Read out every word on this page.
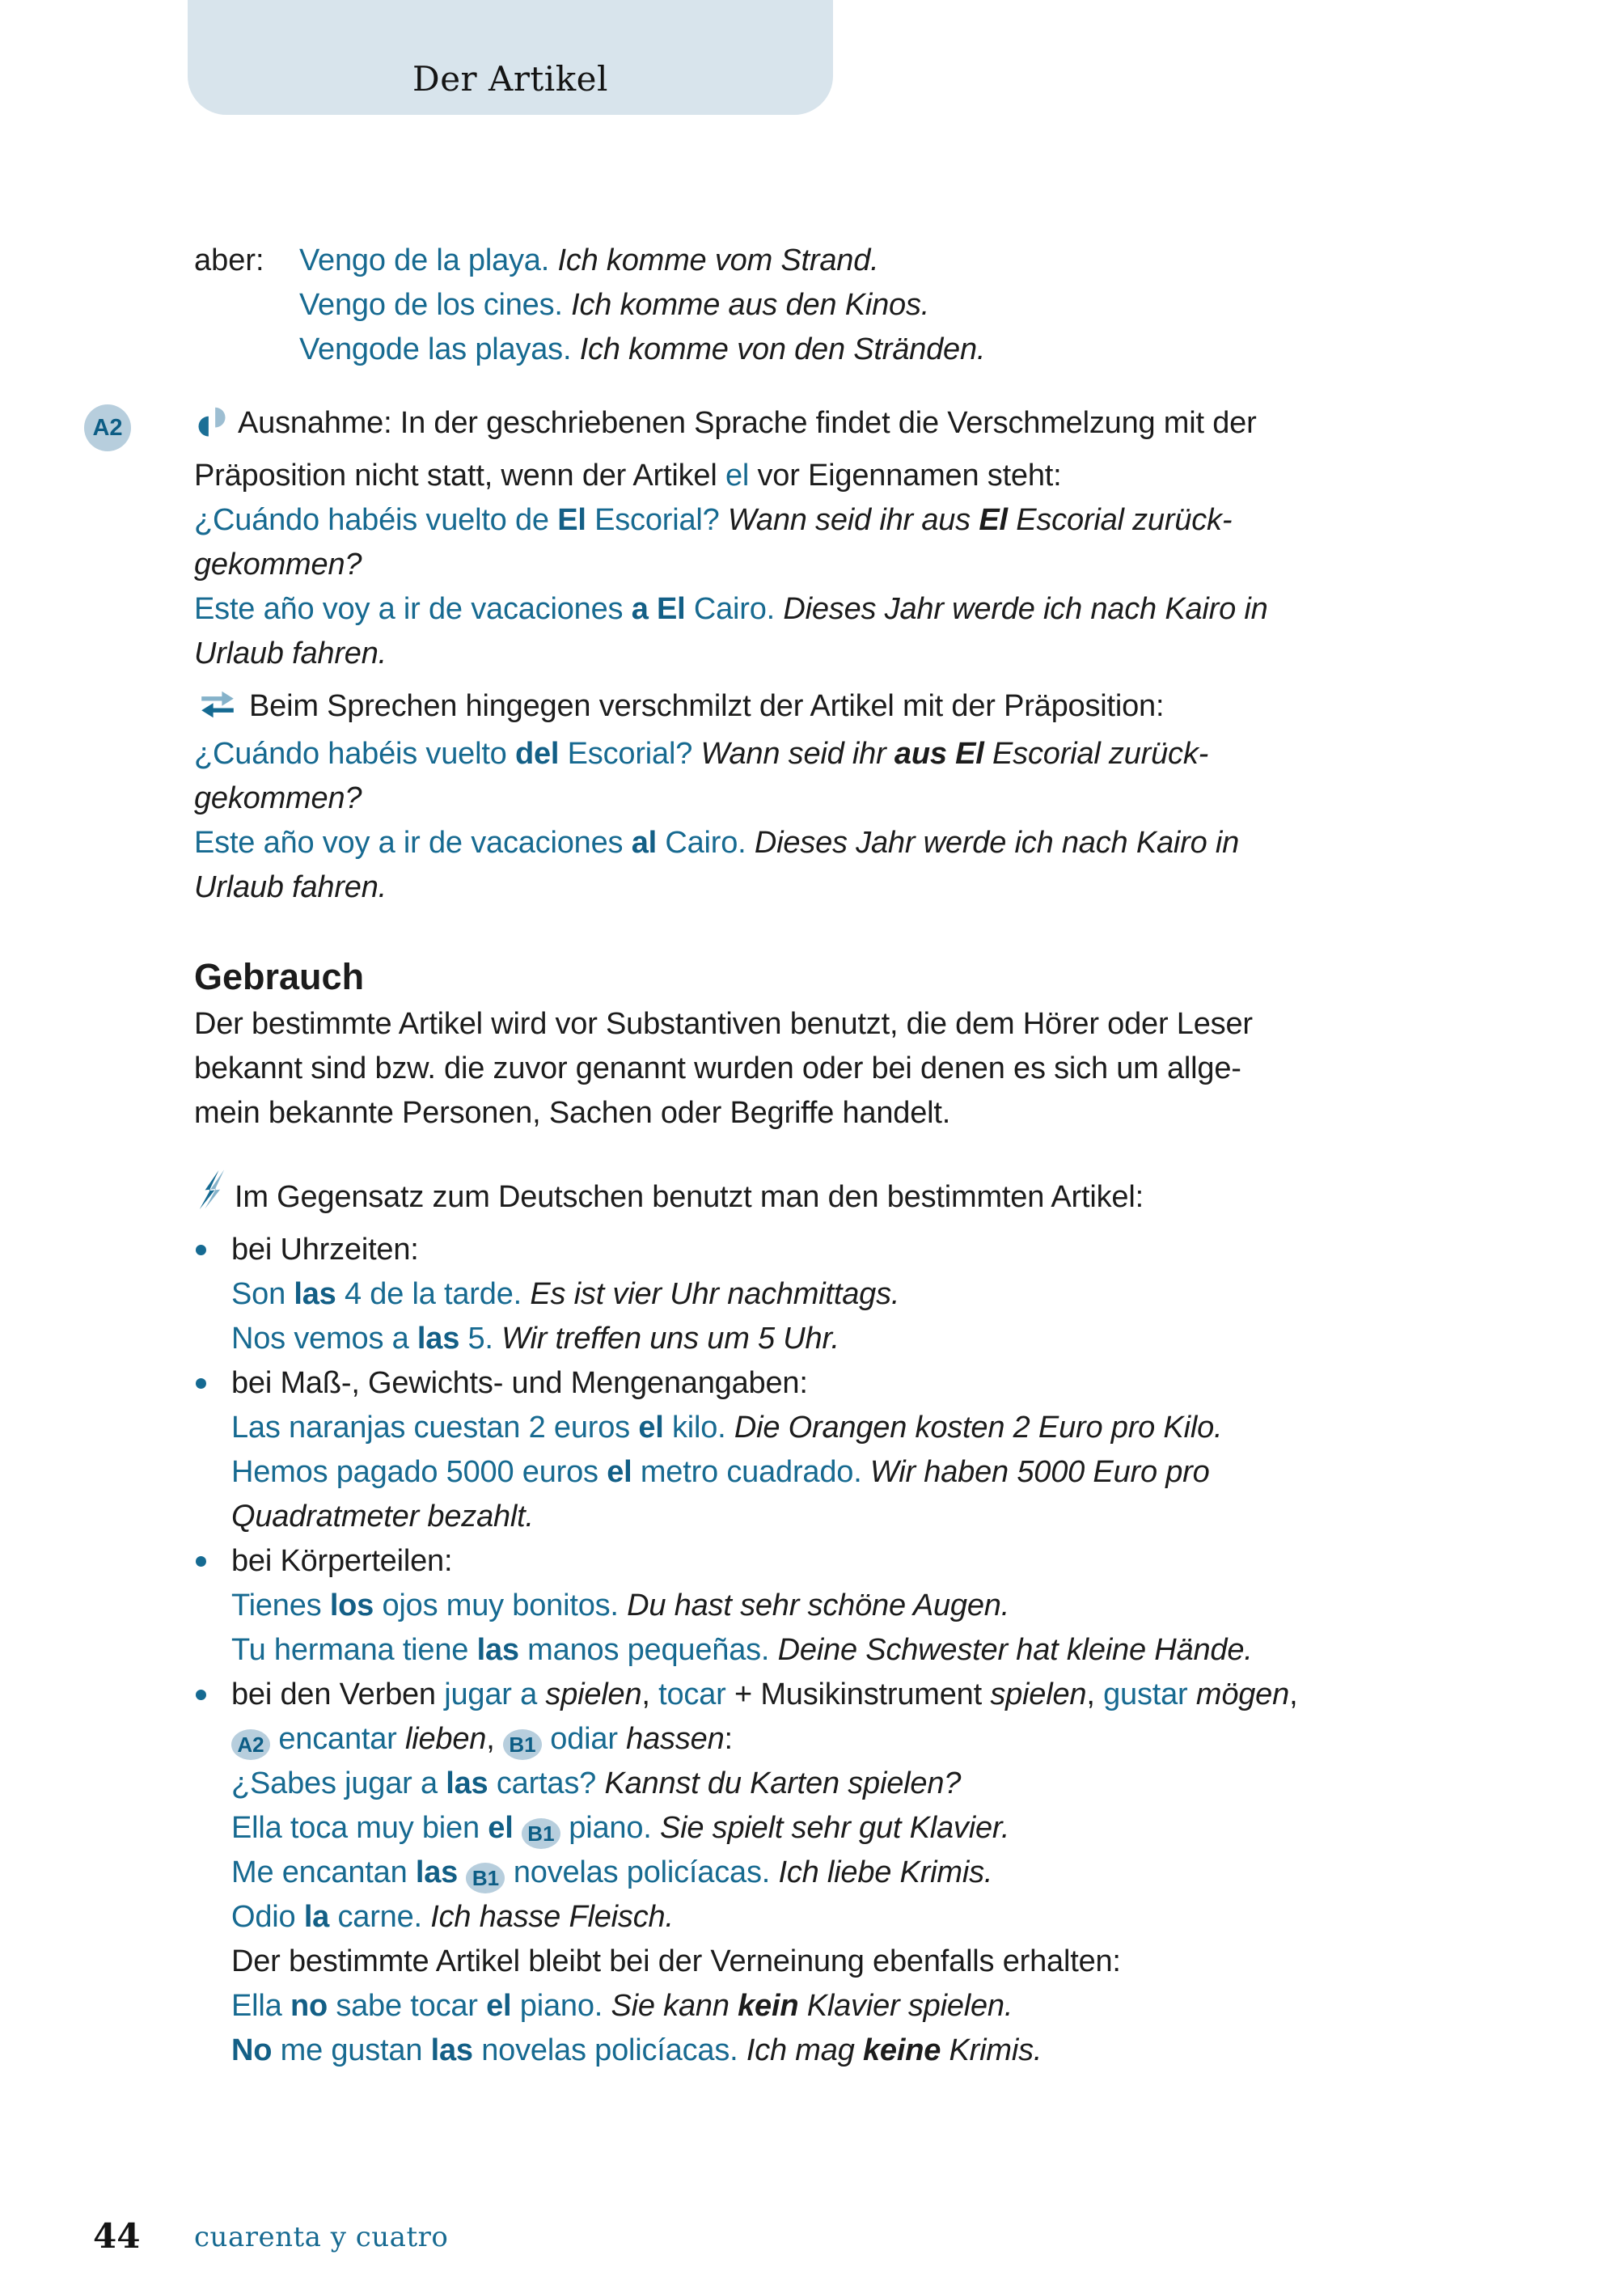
Der Artikel
aber:	Vengo de la playa. Ich komme vom Strand.
Vengo de los cines. Ich komme aus den Kinos.
Vengode las playas. Ich komme von den Stränden.
A2	Ausnahme: In der geschriebenen Sprache findet die Verschmelzung mit der
Präposition nicht statt, wenn der Artikel el vor Eigennamen steht:
¿Cuándo habéis vuelto de El Escorial? Wann seid ihr aus El Escorial zurück-
gekommen?
Este año voy a ir de vacaciones a El Cairo. Dieses Jahr werde ich nach Kairo in
Urlaub fahren.
Beim Sprechen hingegen verschmilzt der Artikel mit der Präposition:
¿Cuándo habéis vuelto del Escorial? Wann seid ihr aus El Escorial zurück-
gekommen?
Este año voy a ir de vacaciones al Cairo. Dieses Jahr werde ich nach Kairo in
Urlaub fahren.
Gebrauch
Der bestimmte Artikel wird vor Substantiven benutzt, die dem Hörer oder Leser
bekannt sind bzw. die zuvor genannt wurden oder bei denen es sich um allge-
mein bekannte Personen, Sachen oder Begriffe handelt.
Im Gegensatz zum Deutschen benutzt man den bestimmten Artikel:
bei Uhrzeiten:
Son las 4 de la tarde. Es ist vier Uhr nachmittags.
Nos vemos a las 5. Wir treffen uns um 5 Uhr.
bei Maß-, Gewichts- und Mengenangaben:
Las naranjas cuestan 2 euros el kilo. Die Orangen kosten 2 Euro pro Kilo.
Hemos pagado 5000 euros el metro cuadrado. Wir haben 5000 Euro pro
Quadratmeter bezahlt.
bei Körperteilen:
Tienes los ojos muy bonitos. Du hast sehr schöne Augen.
Tu hermana tiene las manos pequeñas. Deine Schwester hat kleine Hände.
bei den Verben jugar a spielen, tocar + Musikinstrument spielen, gustar mögen,
A2 encantar lieben, B1 odiar hassen:
¿Sabes jugar a las cartas? Kannst du Karten spielen?
Ella toca muy bien el B1 piano. Sie spielt sehr gut Klavier.
Me encantan las B1 novelas policíacas. Ich liebe Krimis.
Odio la carne. Ich hasse Fleisch.
Der bestimmte Artikel bleibt bei der Verneinung ebenfalls erhalten:
Ella no sabe tocar el piano. Sie kann kein Klavier spielen.
No me gustan las novelas policíacas. Ich mag keine Krimis.
44 cuarenta y cuatro
